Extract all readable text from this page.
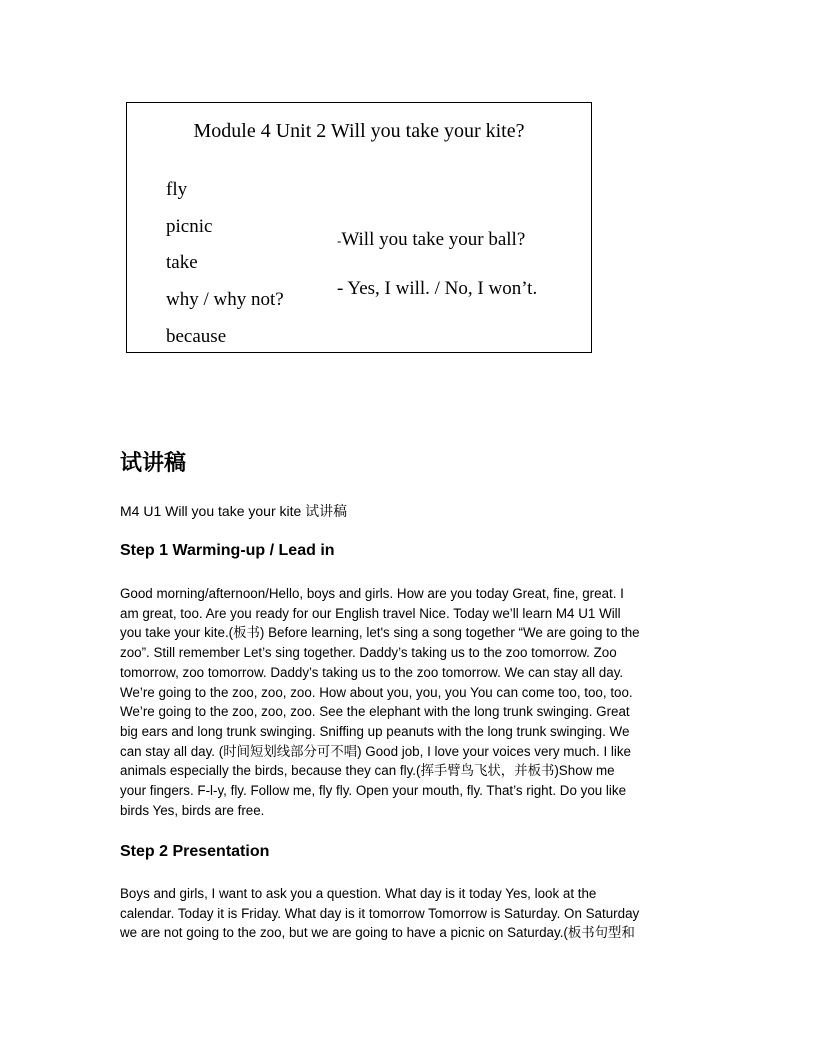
Module 4 Unit 2 Will you take your kite?
fly
picnic
take
why / why not?
because
-Will you take your ball?
- Yes, I will. / No, I won’t.
试讲稿
M4 U1 Will you take your kite 试讲稿
Step 1 Warming-up / Lead in
Good morning/afternoon/Hello, boys and girls. How are you today Great, fine, great. I
am great, too. Are you ready for our English travel Nice. Today we’ll learn M4 U1 Will
you take your kite.(板书) Before learning, let's sing a song together “We are going to the
zoo”. Still remember Let’s sing together. Daddy’s taking us to the zoo tomorrow. Zoo
tomorrow, zoo tomorrow. Daddy’s taking us to the zoo tomorrow. We can stay all day.
We’re going to the zoo, zoo, zoo. How about you, you, you You can come too, too, too.
We’re going to the zoo, zoo, zoo. See the elephant with the long trunk swinging. Great
big ears and long trunk swinging. Sniffing up peanuts with the long trunk swinging. We
can stay all day. (时间短划线部分可不唱) Good job, I love your voices very much. I like
animals especially the birds, because they can fly.(挥手臂鸟飞状，并板书)Show me
your fingers. F-l-y, fly. Follow me, fly fly. Open your mouth, fly. That’s right. Do you like
birds Yes, birds are free.
Step 2 Presentation
Boys and girls, I want to ask you a question. What day is it today Yes, look at the
calendar. Today it is Friday. What day is it tomorrow Tomorrow is Saturday. On Saturday
we are not going to the zoo, but we are going to have a picnic on Saturday.(板书句型和
